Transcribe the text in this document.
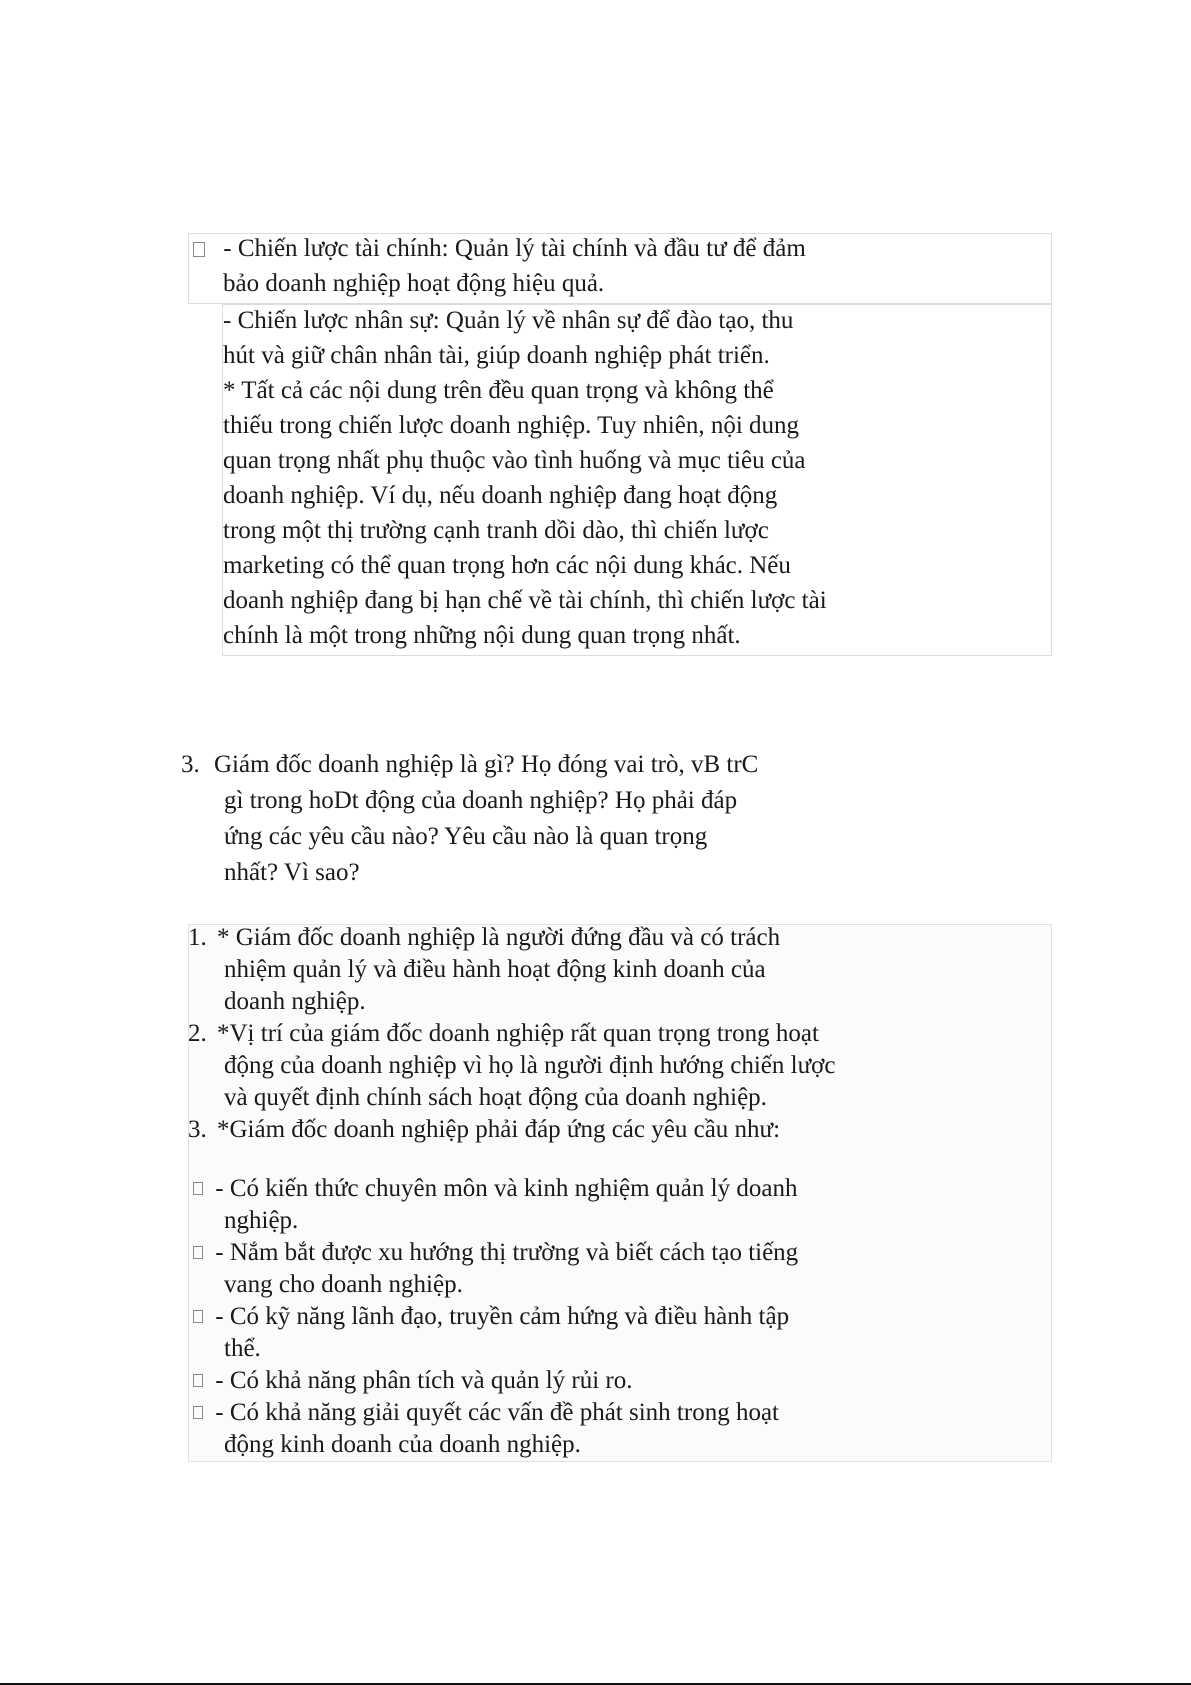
- Chiến lược tài chính: Quản lý tài chính và đầu tư để đảm
bảo doanh nghiệp hoạt động hiệu quả.
- Chiến lược nhân sự: Quản lý về nhân sự để đào tạo, thu
hút và giữ chân nhân tài, giúp doanh nghiệp phát triển.
* Tất cả các nội dung trên đều quan trọng và không thể
thiếu trong chiến lược doanh nghiệp. Tuy nhiên, nội dung
quan trọng nhất phụ thuộc vào tình huống và mục tiêu của
doanh nghiệp. Ví dụ, nếu doanh nghiệp đang hoạt động
trong một thị trường cạnh tranh dồi dào, thì chiến lược
marketing có thể quan trọng hơn các nội dung khác. Nếu
doanh nghiệp đang bị hạn chế về tài chính, thì chiến lược tài
chính là một trong những nội dung quan trọng nhất.
3. Giám đốc doanh nghiệp là gì? Họ đóng vai trò, vB trC
gì trong hoDt động của doanh nghiệp? Họ phải đáp
ứng các yêu cầu nào? Yêu cầu nào là quan trọng
nhất? Vì sao?
1. * Giám đốc doanh nghiệp là người đứng đầu và có trách
nhiệm quản lý và điều hành hoạt động kinh doanh của
doanh nghiệp.
2. *Vị trí của giám đốc doanh nghiệp rất quan trọng trong hoạt
động của doanh nghiệp vì họ là người định hướng chiến lược
và quyết định chính sách hoạt động của doanh nghiệp.
3. *Giám đốc doanh nghiệp phải đáp ứng các yêu cầu như:
- Có kiến thức chuyên môn và kinh nghiệm quản lý doanh
nghiệp.
- Nắm bắt được xu hướng thị trường và biết cách tạo tiếng
vang cho doanh nghiệp.
- Có kỹ năng lãnh đạo, truyền cảm hứng và điều hành tập
thể.
- Có khả năng phân tích và quản lý rủi ro.
- Có khả năng giải quyết các vấn đề phát sinh trong hoạt
động kinh doanh của doanh nghiệp.
